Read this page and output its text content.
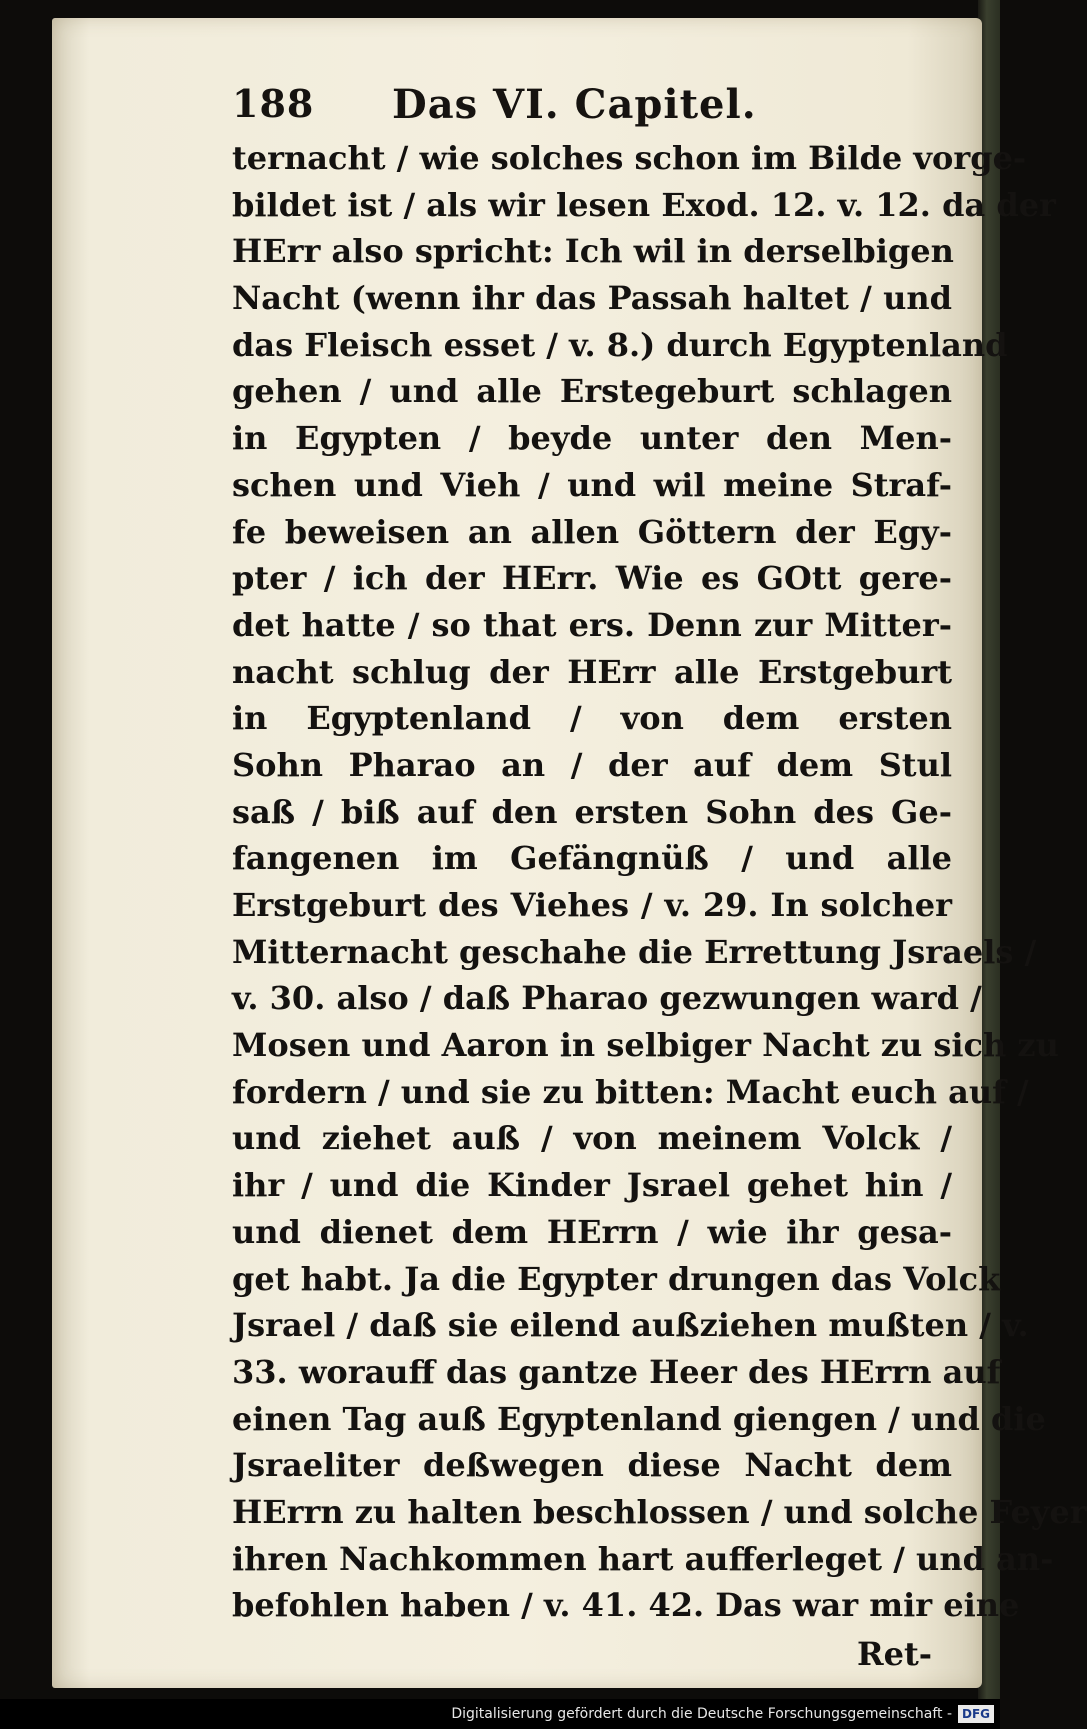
188 Das VI. Capitel.
ternacht / wie solches schon im Bilde vorge-
bildet ist / als wir lesen Exod. 12. v. 12. da der
HErr also spricht: Ich wil in derselbigen
Nacht (wenn ihr das Passah haltet / und
das Fleisch esset / v. 8.) durch Egyptenland
gehen / und alle Erstegeburt schlagen
in Egypten / beyde unter den Men-
schen und Vieh / und wil meine Straf-
fe beweisen an allen Göttern der Egy-
pter / ich der HErr. Wie es GOtt gere-
det hatte / so that ers. Denn zur Mitter-
nacht schlug der HErr alle Erstgeburt
in Egyptenland / von dem ersten
Sohn Pharao an / der auf dem Stul
saß / biß auf den ersten Sohn des Ge-
fangenen im Gefängnüß / und alle
Erstgeburt des Viehes / v. 29. In solcher
Mitternacht geschahe die Errettung Jsraels /
v. 30. also / daß Pharao gezwungen ward /
Mosen und Aaron in selbiger Nacht zu sich zu
fordern / und sie zu bitten: Macht euch auf /
und ziehet auß / von meinem Volck /
ihr / und die Kinder Jsrael gehet hin /
und dienet dem HErrn / wie ihr gesa-
get habt. Ja die Egypter drungen das Volck
Jsrael / daß sie eilend außziehen mußten / v.
33. worauff das gantze Heer des HErrn auf
einen Tag auß Egyptenland giengen / und die
Jsraeliter deßwegen diese Nacht dem
HErrn zu halten beschlossen / und solche Feyer
ihren Nachkommen hart aufferleget / und an-
befohlen haben / v. 41. 42. Das war mir eine
Ret-
Digitalisierung gefördert durch die Deutsche Forschungsgemeinschaft - DFG
